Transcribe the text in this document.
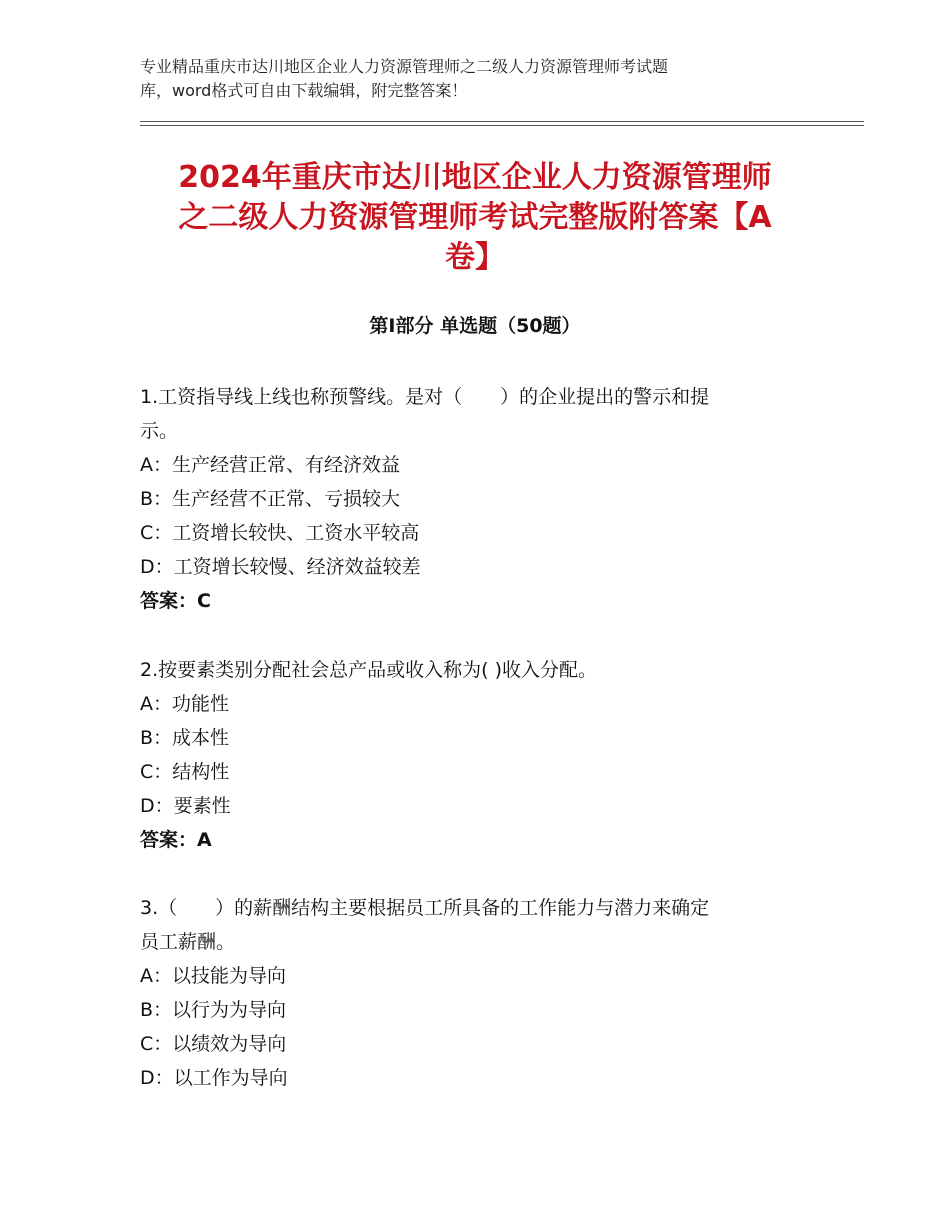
专业精品重庆市达川地区企业人力资源管理师之二级人力资源管理师考试题
库，word格式可自由下载编辑，附完整答案！
2024年重庆市达川地区企业人力资源管理师
之二级人力资源管理师考试完整版附答案【A
卷】
第Ⅰ部分 单选题（50题）
1.工资指导线上线也称预警线。是对（　　）的企业提出的警示和提
示。
A：生产经营正常、有经济效益
B：生产经营不正常、亏损较大
C：工资增长较快、工资水平较高
D：工资增长较慢、经济效益较差
答案：C
2.按要素类别分配社会总产品或收入称为( )收入分配。
A：功能性
B：成本性
C：结构性
D：要素性
答案：A
3.（　　）的薪酬结构主要根据员工所具备的工作能力与潜力来确定
员工薪酬。
A：以技能为导向
B：以行为为导向
C：以绩效为导向
D：以工作为导向
